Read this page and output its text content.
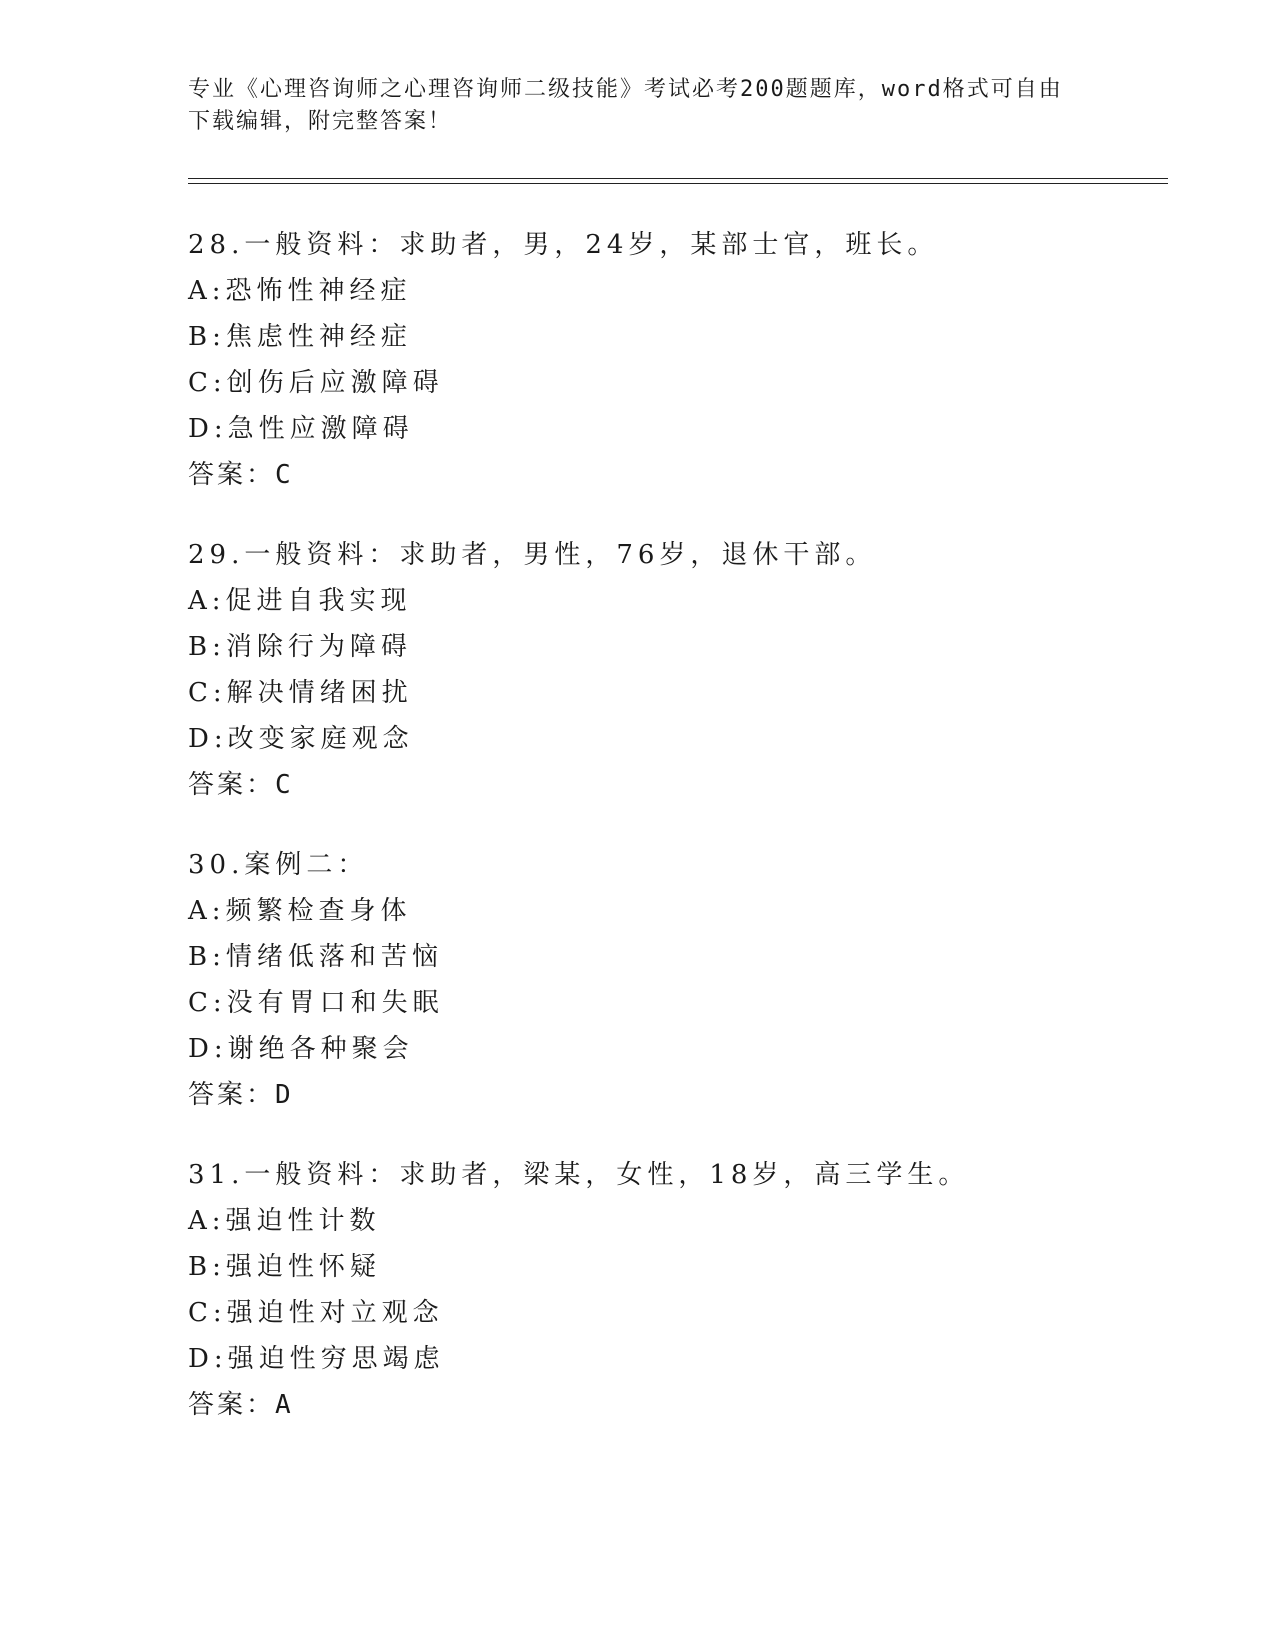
专业《心理咨询师之心理咨询师二级技能》考试必考200题题库，word格式可自由下载编辑，附完整答案！
28.一般资料：求助者，男，24岁，某部士官，班长。
A:恐怖性神经症
B:焦虑性神经症
C:创伤后应激障碍
D:急性应激障碍
答案：C
29.一般资料：求助者，男性，76岁，退休干部。
A:促进自我实现
B:消除行为障碍
C:解决情绪困扰
D:改变家庭观念
答案：C
30.案例二：
A:频繁检查身体
B:情绪低落和苦恼
C:没有胃口和失眠
D:谢绝各种聚会
答案：D
31.一般资料：求助者，梁某，女性，18岁，高三学生。
A:强迫性计数
B:强迫性怀疑
C:强迫性对立观念
D:强迫性穷思竭虑
答案：A
